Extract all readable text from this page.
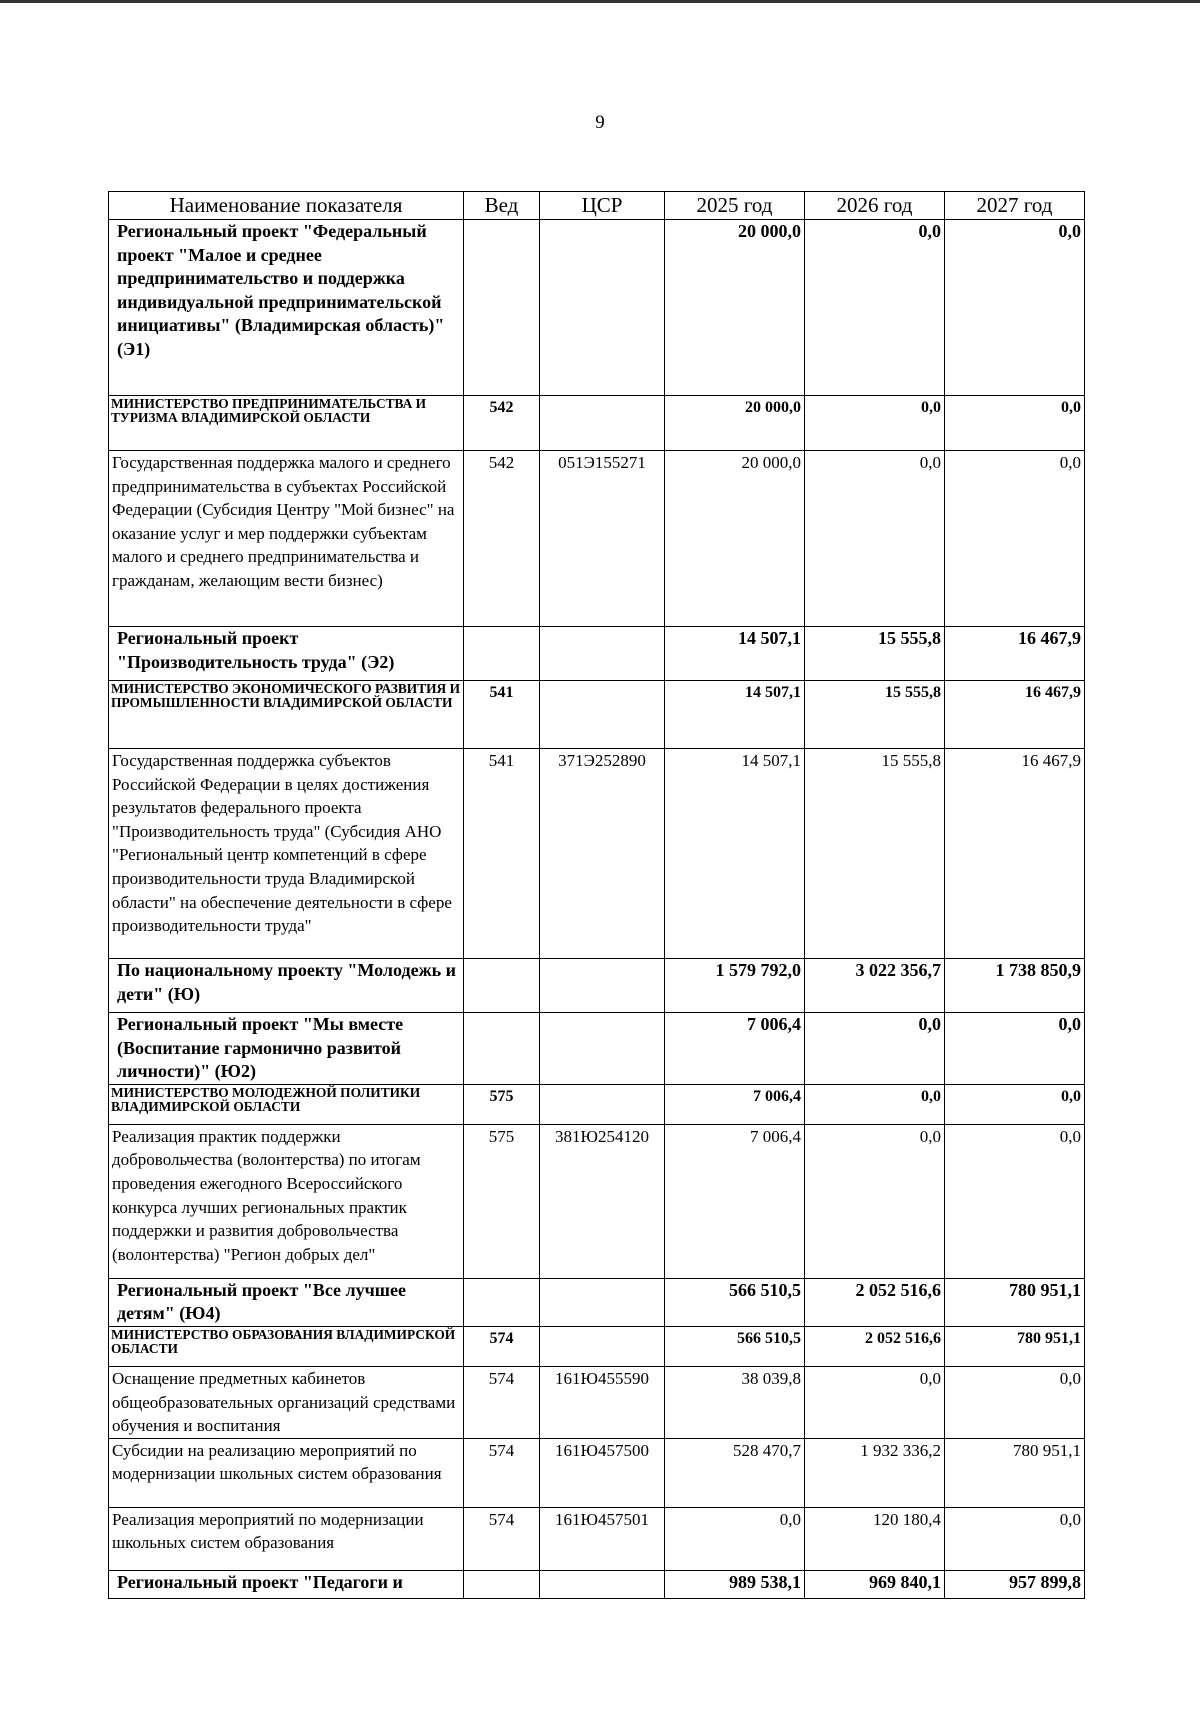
9
Наименование показателя	Вед	ЦСР	2025 год	2026 год	2027 год
Региональный проект "Федеральный проект "Малое и среднее предпринимательство и поддержка индивидуальной предпринимательской инициативы" (Владимирская область)" (Э1)			20 000,0	0,0	0,0
МИНИСТЕРСТВО ПРЕДПРИНИМАТЕЛЬСТВА И ТУРИЗМА ВЛАДИМИРСКОЙ ОБЛАСТИ	542		20 000,0	0,0	0,0
Государственная поддержка малого и среднего предпринимательства в субъектах Российской Федерации (Субсидия Центру "Мой бизнес" на оказание услуг и мер поддержки субъектам малого и среднего предпринимательства и гражданам, желающим вести бизнес)	542	051Э155271	20 000,0	0,0	0,0
Региональный проект "Производительность труда" (Э2)			14 507,1	15 555,8	16 467,9
МИНИСТЕРСТВО ЭКОНОМИЧЕСКОГО РАЗВИТИЯ И ПРОМЫШЛЕННОСТИ ВЛАДИМИРСКОЙ ОБЛАСТИ	541		14 507,1	15 555,8	16 467,9
Государственная поддержка субъектов Российской Федерации в целях достижения результатов федерального проекта "Производительность труда" (Субсидия АНО "Региональный центр компетенций в сфере производительности труда Владимирской области" на обеспечение деятельности в сфере производительности труда"	541	371Э252890	14 507,1	15 555,8	16 467,9
По национальному проекту "Молодежь и дети" (Ю)			1 579 792,0	3 022 356,7	1 738 850,9
Региональный проект "Мы вместе (Воспитание гармонично развитой личности)" (Ю2)			7 006,4	0,0	0,0
МИНИСТЕРСТВО МОЛОДЕЖНОЙ ПОЛИТИКИ ВЛАДИМИРСКОЙ ОБЛАСТИ	575		7 006,4	0,0	0,0
Реализация практик поддержки добровольчества (волонтерства) по итогам проведения ежегодного Всероссийского конкурса лучших региональных практик поддержки и развития добровольчества (волонтерства) "Регион добрых дел"	575	381Ю254120	7 006,4	0,0	0,0
Региональный проект "Все лучшее детям" (Ю4)			566 510,5	2 052 516,6	780 951,1
МИНИСТЕРСТВО ОБРАЗОВАНИЯ ВЛАДИМИРСКОЙ ОБЛАСТИ	574		566 510,5	2 052 516,6	780 951,1
Оснащение предметных кабинетов общеобразовательных организаций средствами обучения и воспитания	574	161Ю455590	38 039,8	0,0	0,0
Субсидии на реализацию мероприятий по модернизации школьных систем образования	574	161Ю457500	528 470,7	1 932 336,2	780 951,1
Реализация мероприятий по модернизации школьных систем образования	574	161Ю457501	0,0	120 180,4	0,0
Региональный проект "Педагоги и			989 538,1	969 840,1	957 899,8
